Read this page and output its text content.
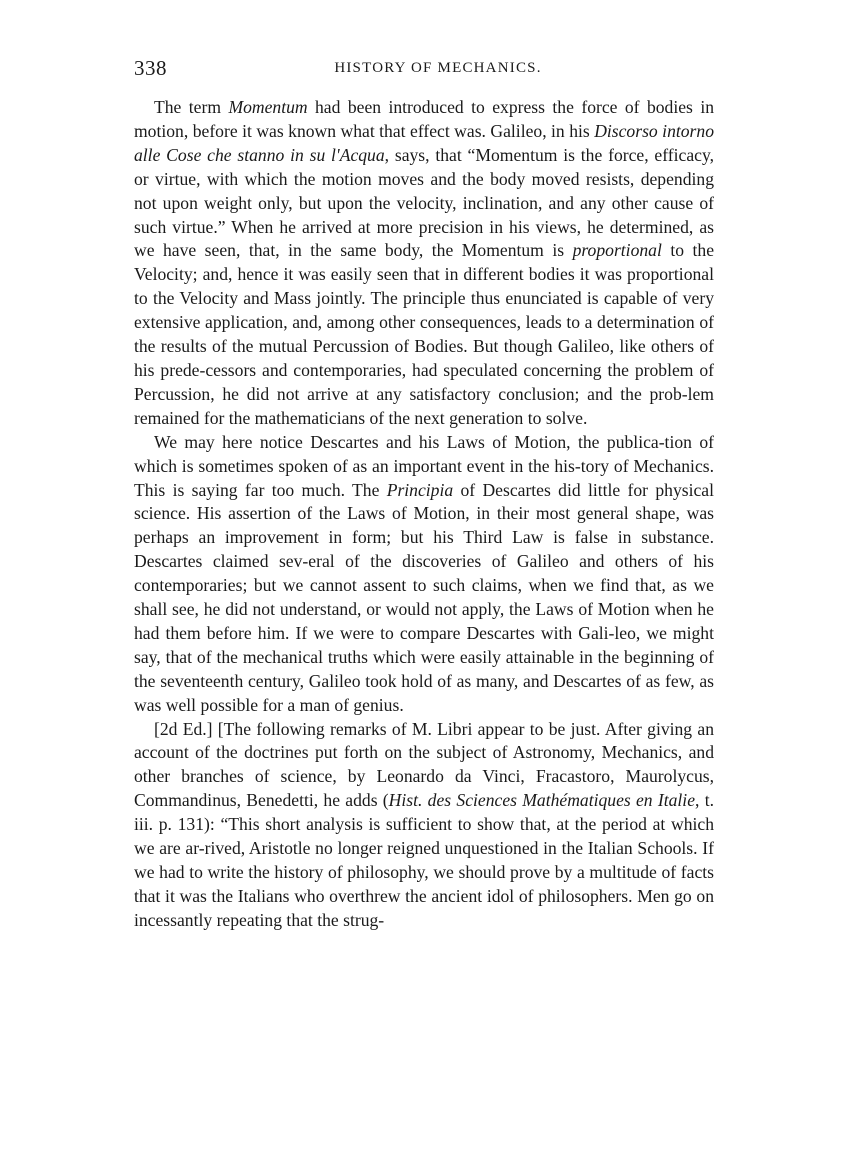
338	HISTORY OF MECHANICS.

The term Momentum had been introduced to express the force of bodies in motion, before it was known what that effect was. Galileo, in his Discorso intorno alle Cose che stanno in su l'Acqua, says, that “Momentum is the force, efficacy, or virtue, with which the motion moves and the body moved resists, depending not upon weight only, but upon the velocity, inclination, and any other cause of such virtue.” When he arrived at more precision in his views, he determined, as we have seen, that, in the same body, the Momentum is proportional to the Velocity; and, hence it was easily seen that in different bodies it was proportional to the Velocity and Mass jointly. The principle thus enunciated is capable of very extensive application, and, among other consequences, leads to a determination of the results of the mutual Percussion of Bodies. But though Galileo, like others of his prede-cessors and contemporaries, had speculated concerning the problem of Percussion, he did not arrive at any satisfactory conclusion; and the prob-lem remained for the mathematicians of the next generation to solve.

We may here notice Descartes and his Laws of Motion, the publica-tion of which is sometimes spoken of as an important event in the his-tory of Mechanics. This is saying far too much. The Principia of Descartes did little for physical science. His assertion of the Laws of Motion, in their most general shape, was perhaps an improvement in form; but his Third Law is false in substance. Descartes claimed sev-eral of the discoveries of Galileo and others of his contemporaries; but we cannot assent to such claims, when we find that, as we shall see, he did not understand, or would not apply, the Laws of Motion when he had them before him. If we were to compare Descartes with Gali-leo, we might say, that of the mechanical truths which were easily attainable in the beginning of the seventeenth century, Galileo took hold of as many, and Descartes of as few, as was well possible for a man of genius.

[2d Ed.] [The following remarks of M. Libri appear to be just. After giving an account of the doctrines put forth on the subject of Astronomy, Mechanics, and other branches of science, by Leonardo da Vinci, Fracastoro, Maurolycus, Commandinus, Benedetti, he adds (Hist. des Sciences Mathématiques en Italie, t. iii. p. 131): “This short analysis is sufficient to show that, at the period at which we are ar-rived, Aristotle no longer reigned unquestioned in the Italian Schools. If we had to write the history of philosophy, we should prove by a multitude of facts that it was the Italians who overthrew the ancient idol of philosophers. Men go on incessantly repeating that the strug-
